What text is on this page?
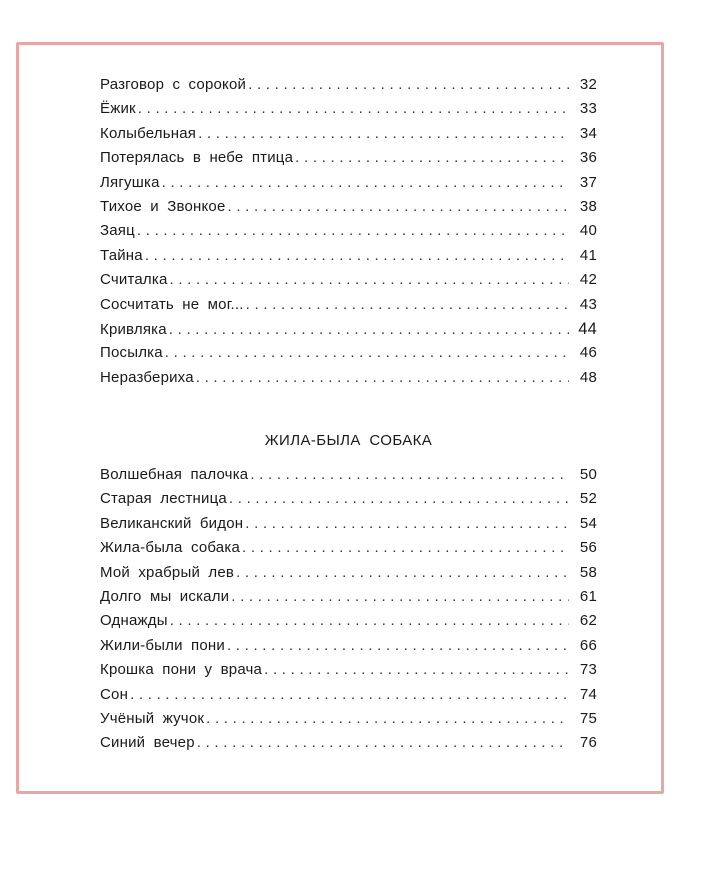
Разговор с сорокой . . .	32
Ёжик . . .	33
Колыбельная . . .	34
Потерялась в небе птица . . .	36
Лягушка . . .	37
Тихое и Звонкое . . .	38
Заяц . . .	40
Тайна . . .	41
Считалка . . .	42
Сосчитать не мог... . . .	43
Кривляка . . .	44
Посылка . . .	46
Неразбериха . . .	48
ЖИЛА-БЫЛА СОБАКА
Волшебная палочка . . .	50
Старая лестница . . .	52
Великанский бидон . . .	54
Жила-была собака . . .	56
Мой храбрый лев . . .	58
Долго мы искали . . .	61
Однажды . . .	62
Жили-были пони . . .	66
Крошка пони у врача . . .	73
Сон . . .	74
Учёный жучок . . .	75
Синий вечер . . .	76
